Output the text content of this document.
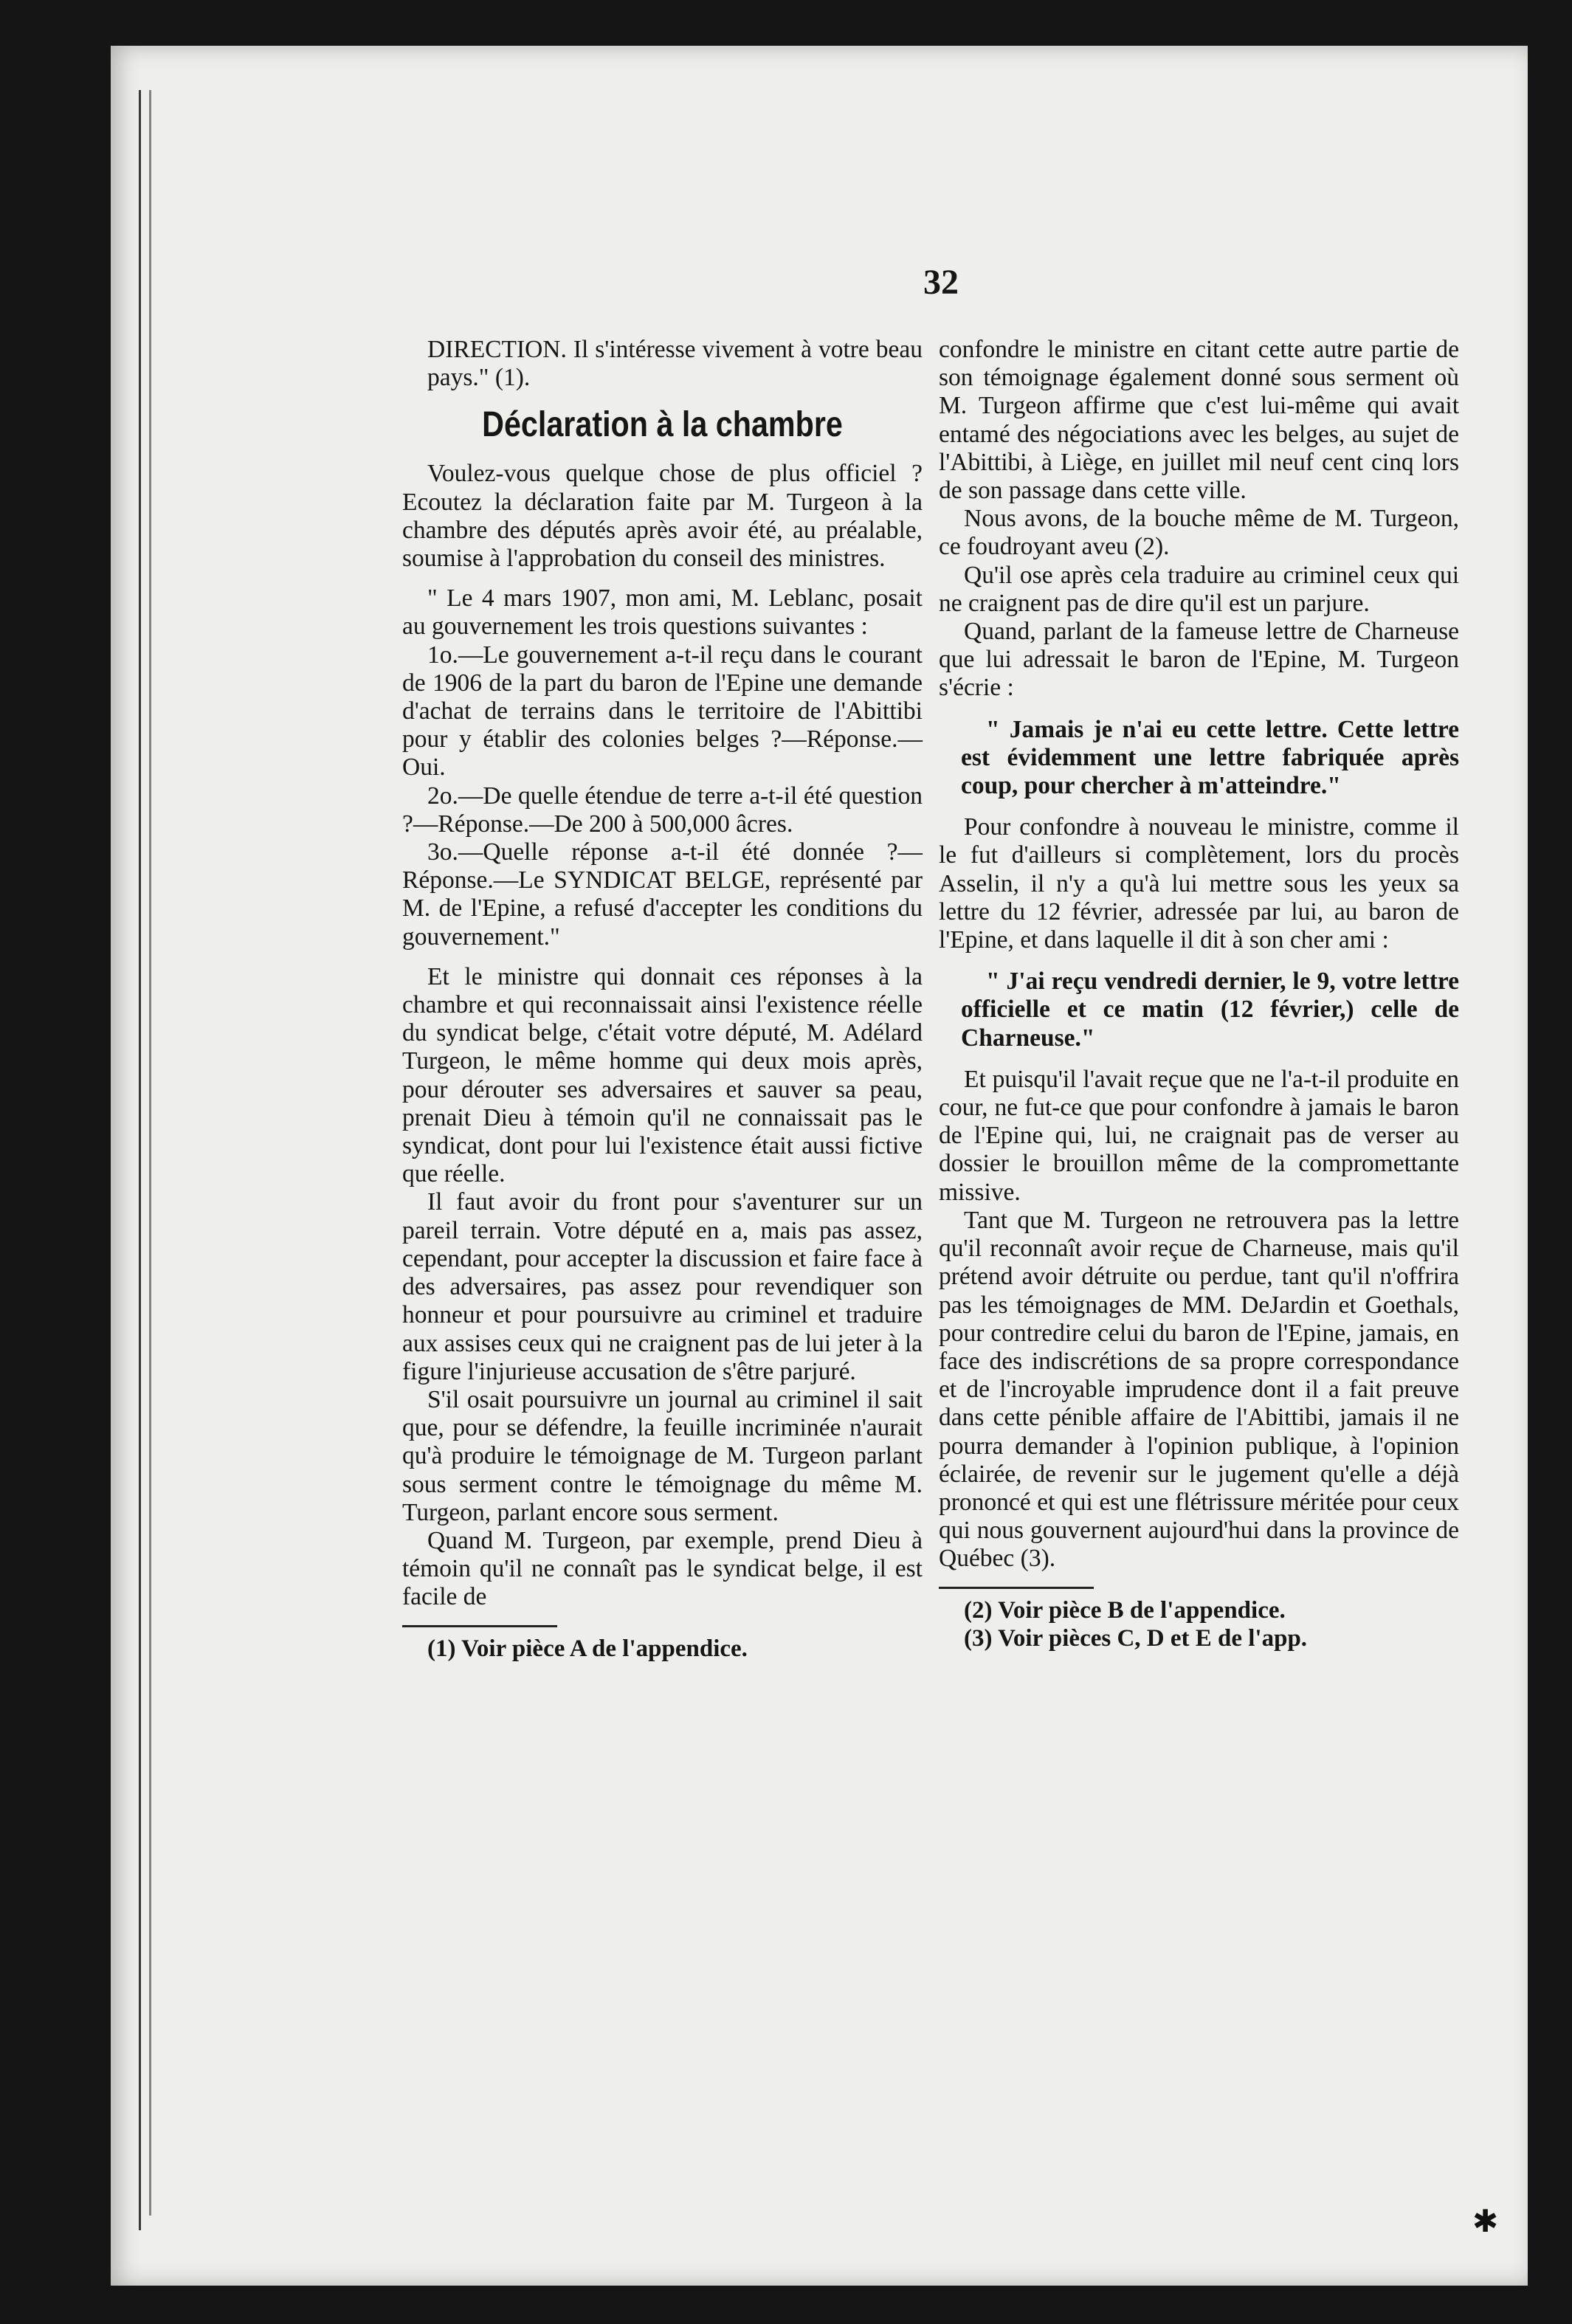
32

DIRECTION. Il s'intéresse vivement à votre beau pays." (1).

Déclaration à la chambre

Voulez-vous quelque chose de plus officiel ? Ecoutez la déclaration faite par M. Turgeon à la chambre des députés après avoir été, au préalable, soumise à l'approbation du conseil des ministres.

" Le 4 mars 1907, mon ami, M. Leblanc, posait au gouvernement les trois questions suivantes :

1o.—Le gouvernement a-t-il reçu dans le courant de 1906 de la part du baron de l'Epine une demande d'achat de terrains dans le territoire de l'Abittibi pour y établir des colonies belges ?—Réponse.—Oui.

2o.—De quelle étendue de terre a-t-il été question ?—Réponse.—De 200 à 500,000 âcres.

3o.—Quelle réponse a-t-il été donnée ?—Réponse.—Le SYNDICAT BELGE, représenté par M. de l'Epine, a refusé d'accepter les conditions du gouvernement."

Et le ministre qui donnait ces réponses à la chambre et qui reconnaissait ainsi l'existence réelle du syndicat belge, c'était votre député, M. Adélard Turgeon, le même homme qui deux mois après, pour dérouter ses adversaires et sauver sa peau, prenait Dieu à témoin qu'il ne connaissait pas le syndicat, dont pour lui l'existence était aussi fictive que réelle.

Il faut avoir du front pour s'aventurer sur un pareil terrain. Votre député en a, mais pas assez, cependant, pour accepter la discussion et faire face à des adversaires, pas assez pour revendiquer son honneur et pour poursuivre au criminel et traduire aux assises ceux qui ne craignent pas de lui jeter à la figure l'injurieuse accusation de s'être parjuré.

S'il osait poursuivre un journal au criminel il sait que, pour se défendre, la feuille incriminée n'aurait qu'à produire le témoignage de M. Turgeon parlant sous serment contre le témoignage du même M. Turgeon, parlant encore sous serment.

Quand M. Turgeon, par exemple, prend Dieu à témoin qu'il ne connaît pas le syndicat belge, il est facile de

(1) Voir pièce A de l'appendice.

confondre le ministre en citant cette autre partie de son témoignage également donné sous serment où M. Turgeon affirme que c'est lui-même qui avait entamé des négociations avec les belges, au sujet de l'Abittibi, à Liège, en juillet mil neuf cent cinq lors de son passage dans cette ville.

Nous avons, de la bouche même de M. Turgeon, ce foudroyant aveu (2).

Qu'il ose après cela traduire au criminel ceux qui ne craignent pas de dire qu'il est un parjure.

Quand, parlant de la fameuse lettre de Charneuse que lui adressait le baron de l'Epine, M. Turgeon s'écrie :

" Jamais je n'ai eu cette lettre. Cette lettre est évidemment une lettre fabriquée après coup, pour chercher à m'atteindre."

Pour confondre à nouveau le ministre, comme il le fut d'ailleurs si complètement, lors du procès Asselin, il n'y a qu'à lui mettre sous les yeux sa lettre du 12 février, adressée par lui, au baron de l'Epine, et dans laquelle il dit à son cher ami :

" J'ai reçu vendredi dernier, le 9, votre lettre officielle et ce matin (12 février,) celle de Charneuse."

Et puisqu'il l'avait reçue que ne l'a-t-il produite en cour, ne fut-ce que pour confondre à jamais le baron de l'Epine qui, lui, ne craignait pas de verser au dossier le brouillon même de la compromettante missive.

Tant que M. Turgeon ne retrouvera pas la lettre qu'il reconnaît avoir reçue de Charneuse, mais qu'il prétend avoir détruite ou perdue, tant qu'il n'offrira pas les témoignages de MM. DeJardin et Goethals, pour contredire celui du baron de l'Epine, jamais, en face des indiscrétions de sa propre correspondance et de l'incroyable imprudence dont il a fait preuve dans cette pénible affaire de l'Abittibi, jamais il ne pourra demander à l'opinion publique, à l'opinion éclairée, de revenir sur le jugement qu'elle a déjà prononcé et qui est une flétrissure méritée pour ceux qui nous gouvernent aujourd'hui dans la province de Québec (3).

(2) Voir pièce B de l'appendice.

(3) Voir pièces C, D et E de l'app.

✱
